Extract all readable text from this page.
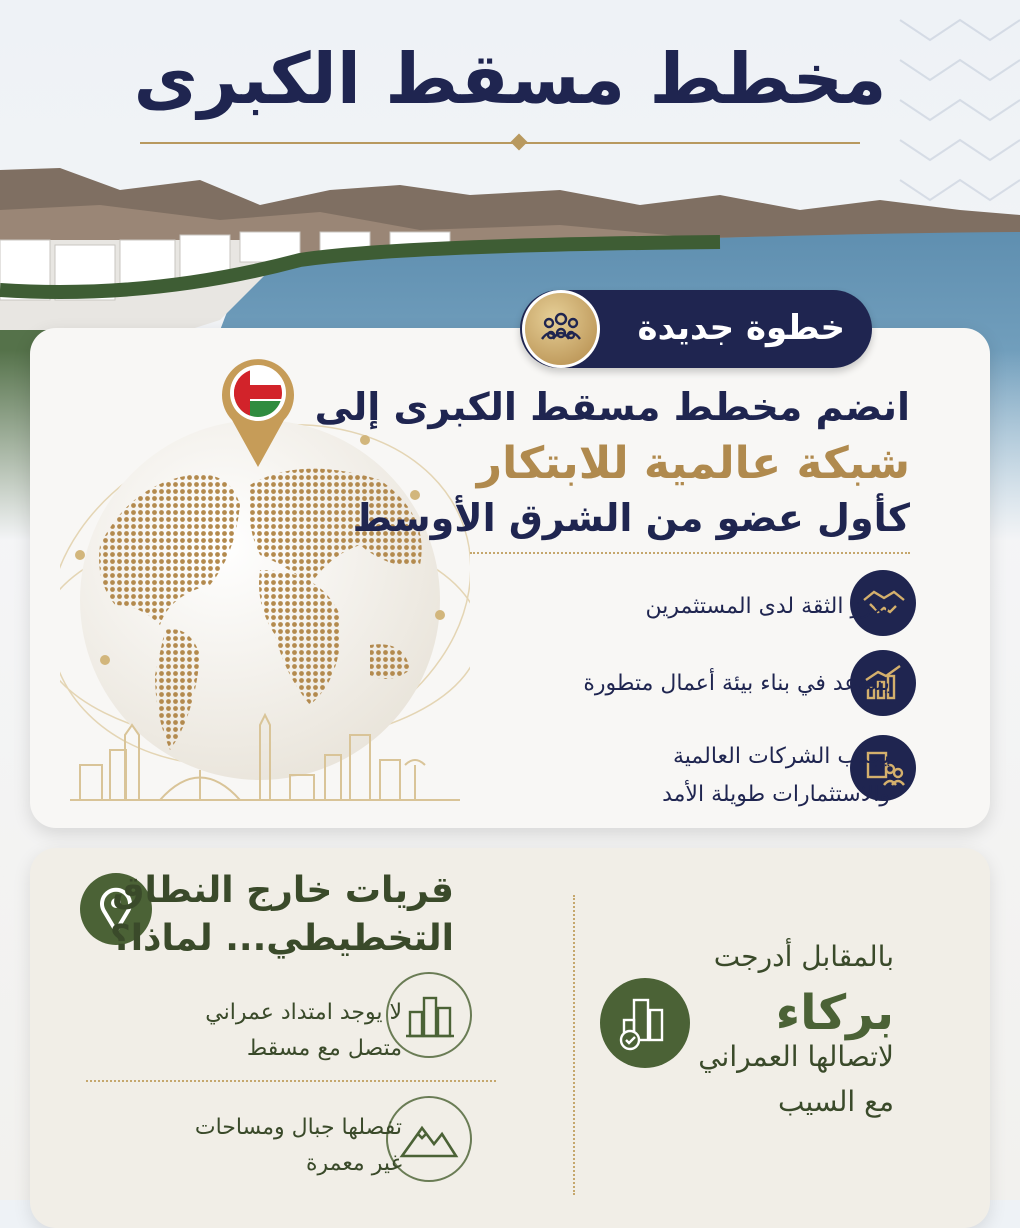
مخطط مسقط الكبرى
خطوة جديدة
انضم مخطط مسقط الكبرى إلى
شبكة عالمية للابتكار
كأول عضو من الشرق الأوسط
يعزز الثقة لدى المستثمرين
يساعد في بناء بيئة أعمال متطورة
يجذب الشركات العالمية
والاستثمارات طويلة الأمد
قريات خارج النطاق
التخطيطي... لماذا؟
لا يوجد امتداد عمراني
متصل مع مسقط
تفصلها جبال ومساحات
غير معمرة
بالمقابل أدرجت
بركاء
لاتصالها العمراني
مع السيب
